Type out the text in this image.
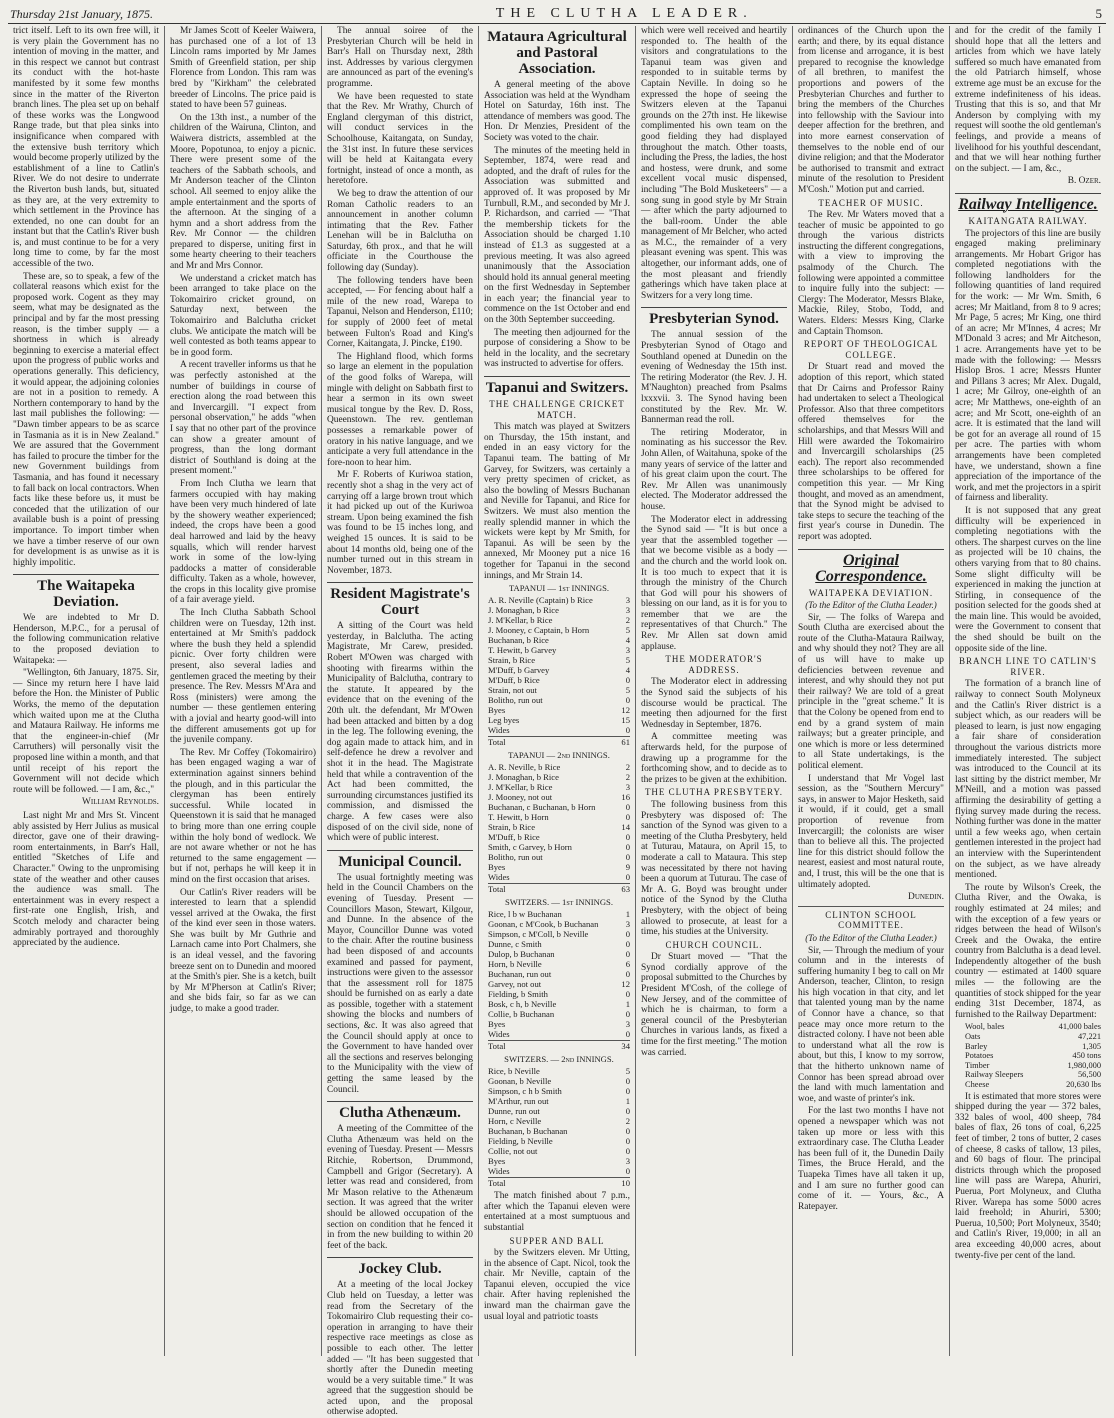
Thursday 21st January, 1875.	THE CLUTHA LEADER.	5

trict itself. Left to its own free will, it is very plain the Government has no intention of moving in the matter, and in this respect we cannot but contrast its conduct with the hot-haste manifested by it some few months since in the matter of the Riverton branch lines. The plea set up on behalf of these works was the Longwood Range trade, but that plea sinks into insignificance when compared with the extensive bush territory which would become properly utilized by the establishment of a line to Catlin's River. We do not desire to underrate the Riverton bush lands, but, situated as they are, at the very extremity to which settlement in the Province has extended, no one can doubt for an instant but that the Catlin's River bush is, and must continue to be for a very long time to come, by far the most accessible of the two.

These are, so to speak, a few of the collateral reasons which exist for the proposed work. Cogent as they may seem, what may be designated as the principal and by far the most pressing reason, is the timber supply — a shortness in which is already beginning to exercise a material effect upon the progress of public works and operations generally. This deficiency, it would appear, the adjoining colonies are not in a position to remedy. A Northern contemporary to hand by the last mail publishes the following: — "Dawn timber appears to be as scarce in Tasmania as it is in New Zealand." We are assured that the Government has failed to procure the timber for the new Government buildings from Tasmania, and has found it necessary to fall back on local contractors. When facts like these before us, it must be conceded that the utilization of our available bush is a point of pressing importance. To import timber when we have a timber reserve of our own for development is as unwise as it is highly impolitic.

The Waitapeka Deviation.

We are indebted to Mr D. Henderson, M.P.C., for a perusal of the following communication relative to the proposed deviation to Waitapeka: —

"Wellington, 6th January, 1875. Sir, — Since my return here I have laid before the Hon. the Minister of Public Works, the memo of the deputation which waited upon me at the Clutha and Mataura Railway. He informs me that the engineer-in-chief (Mr Carruthers) will personally visit the proposed line within a month, and that until receipt of his report the Government will not decide which route will be followed. — I am, &c.,"

William Reynolds.

Last night Mr and Mrs St. Vincent ably assisted by Herr Julius as musical director, gave one of their drawing-room entertainments, in Barr's Hall, entitled "Sketches of Life and Character." Owing to the unpromising state of the weather and other causes the audience was small. The entertainment was in every respect a first-rate one English, Irish, and Scotch melody and character being admirably portrayed and thoroughly appreciated by the audience.

Mr James Scott of Keeler Waiwera, has purchased one of a lot of 13 Lincoln rams imported by Mr James Smith of Greenfield station, per ship Florence from London. This ram was bred by "Kirkham" the celebrated breeder of Lincolns. The price paid is stated to have been 57 guineas.

On the 13th inst., a number of the children of the Wairuna, Clinton, and Waiwera districts, assembled at the Moore, Popotunoa, to enjoy a picnic. There were present some of the teachers of the Sabbath schools, and Mr Anderson teacher of the Clinton school. All seemed to enjoy alike the ample entertainment and the sports of the afternoon. At the singing of a hymn and a short address from the Rev. Mr Connor — the children prepared to disperse, uniting first in some hearty cheering to their teachers and Mr and Mrs Connor.

We understand a cricket match has been arranged to take place on the Tokomairiro cricket ground, on Saturday next, between the Tokomairiro and Balclutha cricket clubs. We anticipate the match will be well contested as both teams appear to be in good form.

A recent traveller informs us that he was perfectly astonished at the number of buildings in course of erection along the road between this and Invercargill. "I expect from personal observation," he adds "when I say that no other part of the province can show a greater amount of progress, than the long dormant district of Southland is doing at the present moment."

From Inch Clutha we learn that farmers occupied with hay making have been very much hindered of late by the showery weather experienced; indeed, the crops have been a good deal harrowed and laid by the heavy squalls, which will render harvest work in some of the low-lying paddocks a matter of considerable difficulty. Taken as a whole, however, the crops in this locality give promise of a fair average yield.

The Inch Clutha Sabbath School children were on Tuesday, 12th inst. entertained at Mr Smith's paddock where the bush they held a splendid picnic. Over forty children were present, also several ladies and gentlemen graced the meeting by their presence. The Rev. Messrs M'Ara and Ross (ministers) were among the number — these gentlemen entering with a jovial and hearty good-will into the different amusements got up for the juvenile company.

The Rev. Mr Coffey (Tokomairiro) has been engaged waging a war of extermination against sinners behind the plough, and in this particular the clergyman has been entirely successful. While located in Queenstown it is said that he managed to bring more than one erring couple within the holy bond of wedlock. We are not aware whether or not he has returned to the same engagement — but if not, perhaps he will keep it in mind on the first occasion that arises.

Our Catlin's River readers will be interested to learn that a splendid vessel arrived at the Owaka, the first of the kind ever seen in those waters. She was built by Mr Guthrie and Larnach came into Port Chalmers, she is an ideal vessel, and the favoring breeze sent on to Dunedin and moored at the Smith's pier. She is a ketch, built by Mr M'Pherson at Catlin's River; and she bids fair, so far as we can judge, to make a good trader.

The annual soiree of the Presbyterian Church will be held in Barr's Hall on Thursday next, 28th inst. Addresses by various clergymen are announced as part of the evening's programme.

We have been requested to state that the Rev. Mr Wrathy, Church of England clergyman of this district, will conduct services in the Schoolhouse, Kaitangata, on Sunday, the 31st inst. In future these services will be held at Kaitangata every fortnight, instead of once a month, as heretofore.

We beg to draw the attention of our Roman Catholic readers to an announcement in another column intimating that the Rev. Father Lenehan will be in Balclutha on Saturday, 6th prox., and that he will officiate in the Courthouse the following day (Sunday).

The following tenders have been accepted, — For fencing about half a mile of the new road, Warepa to Tapanui, Nelson and Henderson, £110; for supply of 2000 feet of metal between Fulton's Road and King's Corner, Kaitangata, J. Pincke, £190.

The Highland flood, which forms so large an element in the population of the good folks of Warepa, will mingle with delight on Sabbath first to hear a sermon in its own sweet musical tongue by the Rev. D. Ross, Queenstown. The rev. gentleman possesses a remarkable power of oratory in his native language, and we anticipate a very full attendance in the fore-noon to hear him.

Mr F. Roberts of Kuriwoa station, recently shot a shag in the very act of carrying off a large brown trout which it had picked up out of the Kuriwoa stream. Upon being examined the fish was found to be 15 inches long, and weighed 15 ounces. It is said to be about 14 months old, being one of the number turned out in this stream in November, 1873.

Resident Magistrate's Court

A sitting of the Court was held yesterday, in Balclutha. The acting Magistrate, Mr Carew, presided. Robert M'Owen was charged with shooting with firearms within the Municipality of Balclutha, contrary to the statute. It appeared by the evidence that on the evening of the 20th ult. the defendant, Mr M'Owen had been attacked and bitten by a dog in the leg. The following evening, the dog again made to attack him, and in self-defence he drew a revolver and shot it in the head. The Magistrate held that while a contravention of the Act had been committed, the surrounding circumstances justified its commission, and dismissed the charge. A few cases were also disposed of on the civil side, none of which were of public interest.

Municipal Council.

The usual fortnightly meeting was held in the Council Chambers on the evening of Tuesday. Present — Councillors Mason, Stewart, Kilgour, and Dunne. In the absence of the Mayor, Councillor Dunne was voted to the chair. After the routine business had been disposed of and accounts examined and passed for payment, instructions were given to the assessor that the assessment roll for 1875 should be furnished on as early a date as possible, together with a statement showing the blocks and numbers of sections, &c. It was also agreed that the Council should apply at once to the Government to have handed over all the sections and reserves belonging to the Municipality with the view of getting the same leased by the Council.

Clutha Athenæum.

A meeting of the Committee of the Clutha Athenæum was held on the evening of Tuesday. Present — Messrs Ritchie, Robertson, Drummond, Campbell and Grigor (Secretary). A letter was read and considered, from Mr Mason relative to the Athenæum section. It was agreed that the writer should be allowed occupation of the section on condition that he fenced it in from the new building to within 20 feet of the back.

Jockey Club.

At a meeting of the local Jockey Club held on Tuesday, a letter was read from the Secretary of the Tokomairiro Club requesting their co-operation in arranging to have their respective race meetings as close as possible to each other. The letter added — "It has been suggested that shortly after the Dunedin meeting would be a very suitable time." It was agreed that the suggestion should be acted upon, and the proposal otherwise adopted.

Mataura Agricultural and Pastoral Association.

A general meeting of the above Association was held at the Wyndham Hotel on Saturday, 16th inst. The attendance of members was good. The Hon. Dr Menzies, President of the Society was voted to the chair.

The minutes of the meeting held in September, 1874, were read and adopted, and the draft of rules for the Association was submitted and approved of. It was proposed by Mr Turnbull, R.M., and seconded by Mr J. P. Richardson, and carried — "That the membership tickets for the Association should be charged 1.10 instead of £1.3 as suggested at a previous meeting. It was also agreed unanimously that the Association should hold its annual general meeting on the first Wednesday in September in each year; the financial year to commence on the 1st October and end on the 30th September succeeding.

The meeting then adjourned for the purpose of considering a Show to be held in the locality, and the secretary was instructed to advertise for offers.

Tapanui and Switzers.
THE CHALLENGE CRICKET MATCH.

This match was played at Switzers on Thursday, the 15th instant, and ended in an easy victory for the Tapanui team. The batting of Mr Garvey, for Switzers, was certainly a very pretty specimen of cricket, as also the bowling of Messrs Buchanan and Neville for Tapanui, and Rice for Switzers. We must also mention the really splendid manner in which the wickets were kept by Mr Smith, for Tapanui. As will be seen by the annexed, Mr Mooney put a nice 16 together for Tapanui in the second innings, and Mr Strain 14.

TAPANUI — 1st INNINGS.
A. R. Neville (Captain) b Rice	3
J. Monaghan, b Rice	3
J. M'Kellar, b Rice	2
J. Mooney, c Captain, b Horn	5
Buchanan, b Rice	4
T. Hewitt, b Garvey	3
Strain, b Rice	5
M'Duff, b Garvey	4
M'Duff, b Rice	0
Strain, not out	5
Bolitho, run out	0
Byes	12
Leg byes	15
Wides	0
Total	61
TAPANUI — 2nd INNINGS.
A. R. Neville, b Rice	2
J. Monaghan, b Rice	2
J. M'Kellar, b Rice	3
J. Mooney, not out	16
Buchanan, c Buchanan, b Horn	0
T. Hewitt, b Horn	0
Strain, b Rice	14
M'Duff, b Rice	0
Smith, c Garvey, b Horn	0
Bolitho, run out	0
Byes	9
Wides	0
Total	63
SWITZERS. — 1st INNINGS.
Rice, l b w Buchanan	1
Goonan, c M'Cook, b Buchanan	3
Simpson, c M'Coll, b Neville	0
Dunne, c Smith	0
Dulop, b Buchanan	0
Horn, b Neville	6
Buchanan, run out	0
Garvey, not out	12
Fielding, b Smith	0
Bosk, c h, b Neville	1
Collie, b Buchanan	0
Byes	3
Wides	0
Total	34
SWITZERS. — 2nd INNINGS.
Rice, b Neville	5
Goonan, b Neville	0
Simpson, c h b Smith	0
M'Arthur, run out	1
Dunne, run out	0
Horn, c Neville	2
Buchanan, b Buchanan	0
Fielding, b Neville	0
Collie, not out	0
Byes	3
Wides	0
Total	10

The match finished about 7 p.m., after which the Tapanui eleven were entertained at a most sumptuous and substantial

SUPPER AND BALL

by the Switzers eleven. Mr Utting, in the absence of Capt. Nicol, took the chair. Mr Neville, captain of the Tapanui eleven, occupied the vice chair. After having replenished the inward man the chairman gave the usual loyal and patriotic toasts

which were well received and heartily responded to. The health of the visitors and congratulations to the Tapanui team was given and responded to in suitable terms by Captain Neville. In doing so he expressed the hope of seeing the Switzers eleven at the Tapanui grounds on the 27th inst. He likewise complimented his own team on the good fielding they had displayed throughout the match. Other toasts, including the Press, the ladies, the host and hostess, were drunk, and some excellent vocal music dispensed, including "The Bold Musketeers" — a song sung in good style by Mr Strain — after which the party adjourned to the ball-room. Under the able management of Mr Belcher, who acted as M.C., the remainder of a very pleasant evening was spent. This was altogether, our informant adds, one of the most pleasant and friendly gatherings which have taken place at Switzers for a very long time.

Presbyterian Synod.

The annual session of the Presbyterian Synod of Otago and Southland opened at Dunedin on the evening of Wednesday the 15th inst. The retiring Moderator (the Rev. J. H. M'Naughton) preached from Psalms lxxxvii. 3. The Synod having been constituted by the Rev. Mr. W. Bannerman read the roll.

The retiring Moderator, in nominating as his successor the Rev. John Allen, of Waitahuna, spoke of the many years of service of the latter and of his great claim upon the court. The Rev. Mr Allen was unanimously elected. The Moderator addressed the house.

The Moderator elect in addressing the Synod said — "It is but once a year that the assembled together — that we become visible as a body — and the church and the world look on. It is too much to expect that it is through the ministry of the Church that God will pour his showers of blessing on our land, as it is for you to remember that we are the representatives of that Church." The Rev. Mr Allen sat down amid applause.

THE MODERATOR'S ADDRESS.

The Moderator elect in addressing the Synod said the subjects of his discourse would be practical. The meeting then adjourned for the first Wednesday in September, 1876.

A committee meeting was afterwards held, for the purpose of drawing up a programme for the forthcoming show, and to decide as to the prizes to be given at the exhibition.

THE CLUTHA PRESBYTERY.

The following business from this Presbytery was disposed of: The sanction of the Synod was given to a meeting of the Clutha Presbytery, held at Tuturau, Mataura, on April 15, to moderate a call to Mataura. This step was necessitated by there not having been a quorum at Tuturau. The case of Mr A. G. Boyd was brought under notice of the Synod by the Clutha Presbytery, with the object of being allowed to prosecute, at least for a time, his studies at the University.

CHURCH COUNCIL.

Dr Stuart moved — "That the Synod cordially approve of the proposal submitted to the Churches by President M'Cosh, of the college of New Jersey, and of the committee of which he is chairman, to form a general council of the Presbyterian Churches in various lands, as fixed a time for the first meeting." The motion was carried.

ordinances of the Church upon the earth; and there, by its equal distance from license and arrogance, it is best prepared to recognise the knowledge of all brethren, to manifest the proportions and powers of the Presbyterian Churches and further to bring the members of the Churches into fellowship with the Saviour into deeper affection for the brethren, and into more earnest conservation of themselves to the noble end of our divine religion; and that the Moderator be authorised to transmit and extract minute of the resolution to President M'Cosh." Motion put and carried.

TEACHER OF MUSIC.

The Rev. Mr Waters moved that a teacher of music be appointed to go through the various districts instructing the different congregations, with a view to improving the psalmody of the Church. The following were appointed a committee to inquire fully into the subject: — Clergy: The Moderator, Messrs Blake, Mackie, Riley, Stobo, Todd, and Waters. Elders: Messrs King, Clarke and Captain Thomson.

REPORT OF THEOLOGICAL COLLEGE.

Dr Stuart read and moved the adoption of this report, which stated that Dr Cairns and Professor Rainy had undertaken to select a Theological Professor. Also that three competitors offered themselves for the scholarships, and that Messrs Will and Hill were awarded the Tokomairiro and Invercargill scholarships (25 each). The report also recommended three scholarships to be offered for competition this year. — Mr King thought, and moved as an amendment, that the Synod might be advised to take steps to secure the teaching of the first year's course in Dunedin. The report was adopted.

Original Correspondence.
WAITAPEKA DEVIATION.
(To the Editor of the Clutha Leader.)

Sir, — The folks of Warepa and South Clutha are exercised about the route of the Clutha-Mataura Railway, and why should they not? They are all of us will have to make up deficiencies between revenue and interest, and why should they not put their railway? We are told of a great principle in the "great scheme." It is that the Colony be opened from end to end by a grand system of main railways; but a greater principle, and one which is more or less determined to all State undertakings, is the political element.

I understand that Mr Vogel last session, as the "Southern Mercury" says, in answer to Major Hesketh, said it would, if it could, get a small proportion of revenue from Invercargill; the colonists are wiser than to believe all this. The projected line for this district should follow the nearest, easiest and most natural route, and, I trust, this will be the one that is ultimately adopted.

Dunedin.
CLINTON SCHOOL COMMITTEE.
(To the Editor of the Clutha Leader.)

Sir, — Through the medium of your column and in the interests of suffering humanity I beg to call on Mr Anderson, teacher, Clinton, to resign his high vocation in that city, and let that talented young man by the name of Connor have a chance, so that peace may once more return to the distracted colony. I have not been able to understand what all the row is about, but this, I know to my sorrow, that the hitherto unknown name of Connor has been spread abroad over the land with much lamentation and woe, and waste of printer's ink.

For the last two months I have not opened a newspaper which was not taken up more or less with this extraordinary case. The Clutha Leader has been full of it, the Dunedin Daily Times, the Bruce Herald, and the Tuapeka Times have all taken it up, and I am sure no further good can come of it. — Yours, &c., A Ratepayer.

and for the credit of the family I should hope that all the letters and articles from which we have lately suffered so much have emanated from the old Patriarch himself, whose extreme age must be an excuse for the extreme indefiniteness of his ideas. Trusting that this is so, and that Mr Anderson by complying with my request will soothe the old gentleman's feelings, and provide a means of livelihood for his youthful descendant, and that we will hear nothing further on the subject. — I am, &c.,

B. Ozer.
Railway Intelligence.
KAITANGATA RAILWAY.

The projectors of this line are busily engaged making preliminary arrangements. Mr Hobart Grigor has completed negotiations with the following landholders for the following quantities of land required for the work: — Mr Wm. Smith, 6 acres; Mr Maitland, from 8 to 9 acres; Mr Page, 5 acres; Mr King, one third of an acre; Mr M'Innes, 4 acres; Mr M'Donald 3 acres; and Mr Aitcheson, 1 acre. Arrangements have yet to be made with the following: — Messrs Hislop Bros. 1 acre; Messrs Hunter and Pillans 3 acres; Mr Alex. Dugald, 1 acre; Mr Gilroy, one-eighth of an acre; Mr Matthews, one-eighth of an acre; and Mr Scott, one-eighth of an acre. It is estimated that the land will be got for an average all round of 15 per acre. The parties with whom arrangements have been completed have, we understand, shown a fine appreciation of the importance of the work, and met the projectors in a spirit of fairness and liberality.

It is not supposed that any great difficulty will be experienced in completing negotiations with the others. The sharpest curves on the line as projected will be 10 chains, the others varying from that to 80 chains. Some slight difficulty will be experienced in making the junction at Stirling, in consequence of the position selected for the goods shed at the main line. This would be avoided, were the Government to consent that the shed should be built on the opposite side of the line.

BRANCH LINE TO CATLIN'S RIVER.

The formation of a branch line of railway to connect South Molyneux and the Catlin's River district is a subject which, as our readers will be pleased to learn, is just now engaging a fair share of consideration throughout the various districts more immediately interested. The subject was introduced to the Council at its last sitting by the district member, Mr M'Neill, and a motion was passed affirming the desirability of getting a flying survey made during the recess. Nothing further was done in the matter until a few weeks ago, when certain gentlemen interested in the project had an interview with the Superintendent on the subject, as we have already mentioned.

The route by Wilson's Creek, the Clutha River, and the Owaka, is roughly estimated at 24 miles; and with the exception of a few years or ridges between the head of Wilson's Creek and the Owaka, the entire country from Balclutha is a dead level. Independently altogether of the bush country — estimated at 1400 square miles — the following are the quantities of stock shipped for the year ending 31st December, 1874, as furnished to the Railway Department:

Wool, bales	41,000 bales
Oats	47,221
Barley	1,305
Potatoes	450 tons
Timber	1,980,000
Railway Sleepers	56,500
Cheese	20,630 lbs

It is estimated that more stores were shipped during the year — 372 bales, 332 bales of wool, 400 sheep, 784 bales of flax, 26 tons of coal, 6,225 feet of timber, 2 tons of butter, 2 cases of cheese, 8 casks of tallow, 13 piles, and 60 bags of flour. The principal districts through which the proposed line will pass are Warepa, Ahuriri, Puerua, Port Molyneux, and Clutha River. Warepa has some 5000 acres laid freehold; in Ahuriri, 5300; Puerua, 10,500; Port Molyneux, 3540; and Catlin's River, 19,000; in all an area exceeding 40,000 acres, about twenty-five per cent of the land.
